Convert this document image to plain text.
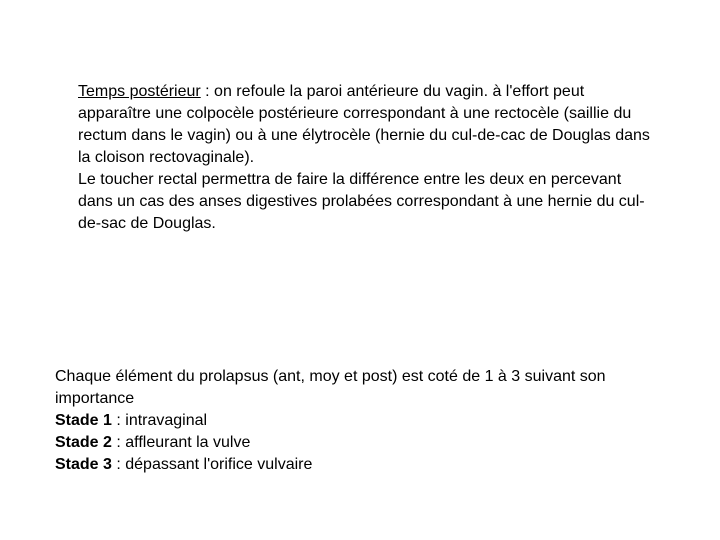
Temps postérieur : on refoule la paroi antérieure du vagin. à l'effort peut apparaître une colpocèle postérieure correspondant à une rectocèle (saillie du rectum dans le vagin) ou à une élytrocèle (hernie du cul-de-cac de Douglas dans la cloison rectovaginale).

Le toucher rectal permettra de faire la différence entre les deux en percevant dans un cas des anses digestives prolabées correspondant à une hernie du cul-de-sac de Douglas.

Chaque élément du prolapsus (ant, moy et post) est coté de 1 à 3 suivant son importance

Stade 1 : intravaginal

Stade 2 : affleurant la vulve

Stade 3 : dépassant l'orifice vulvaire
